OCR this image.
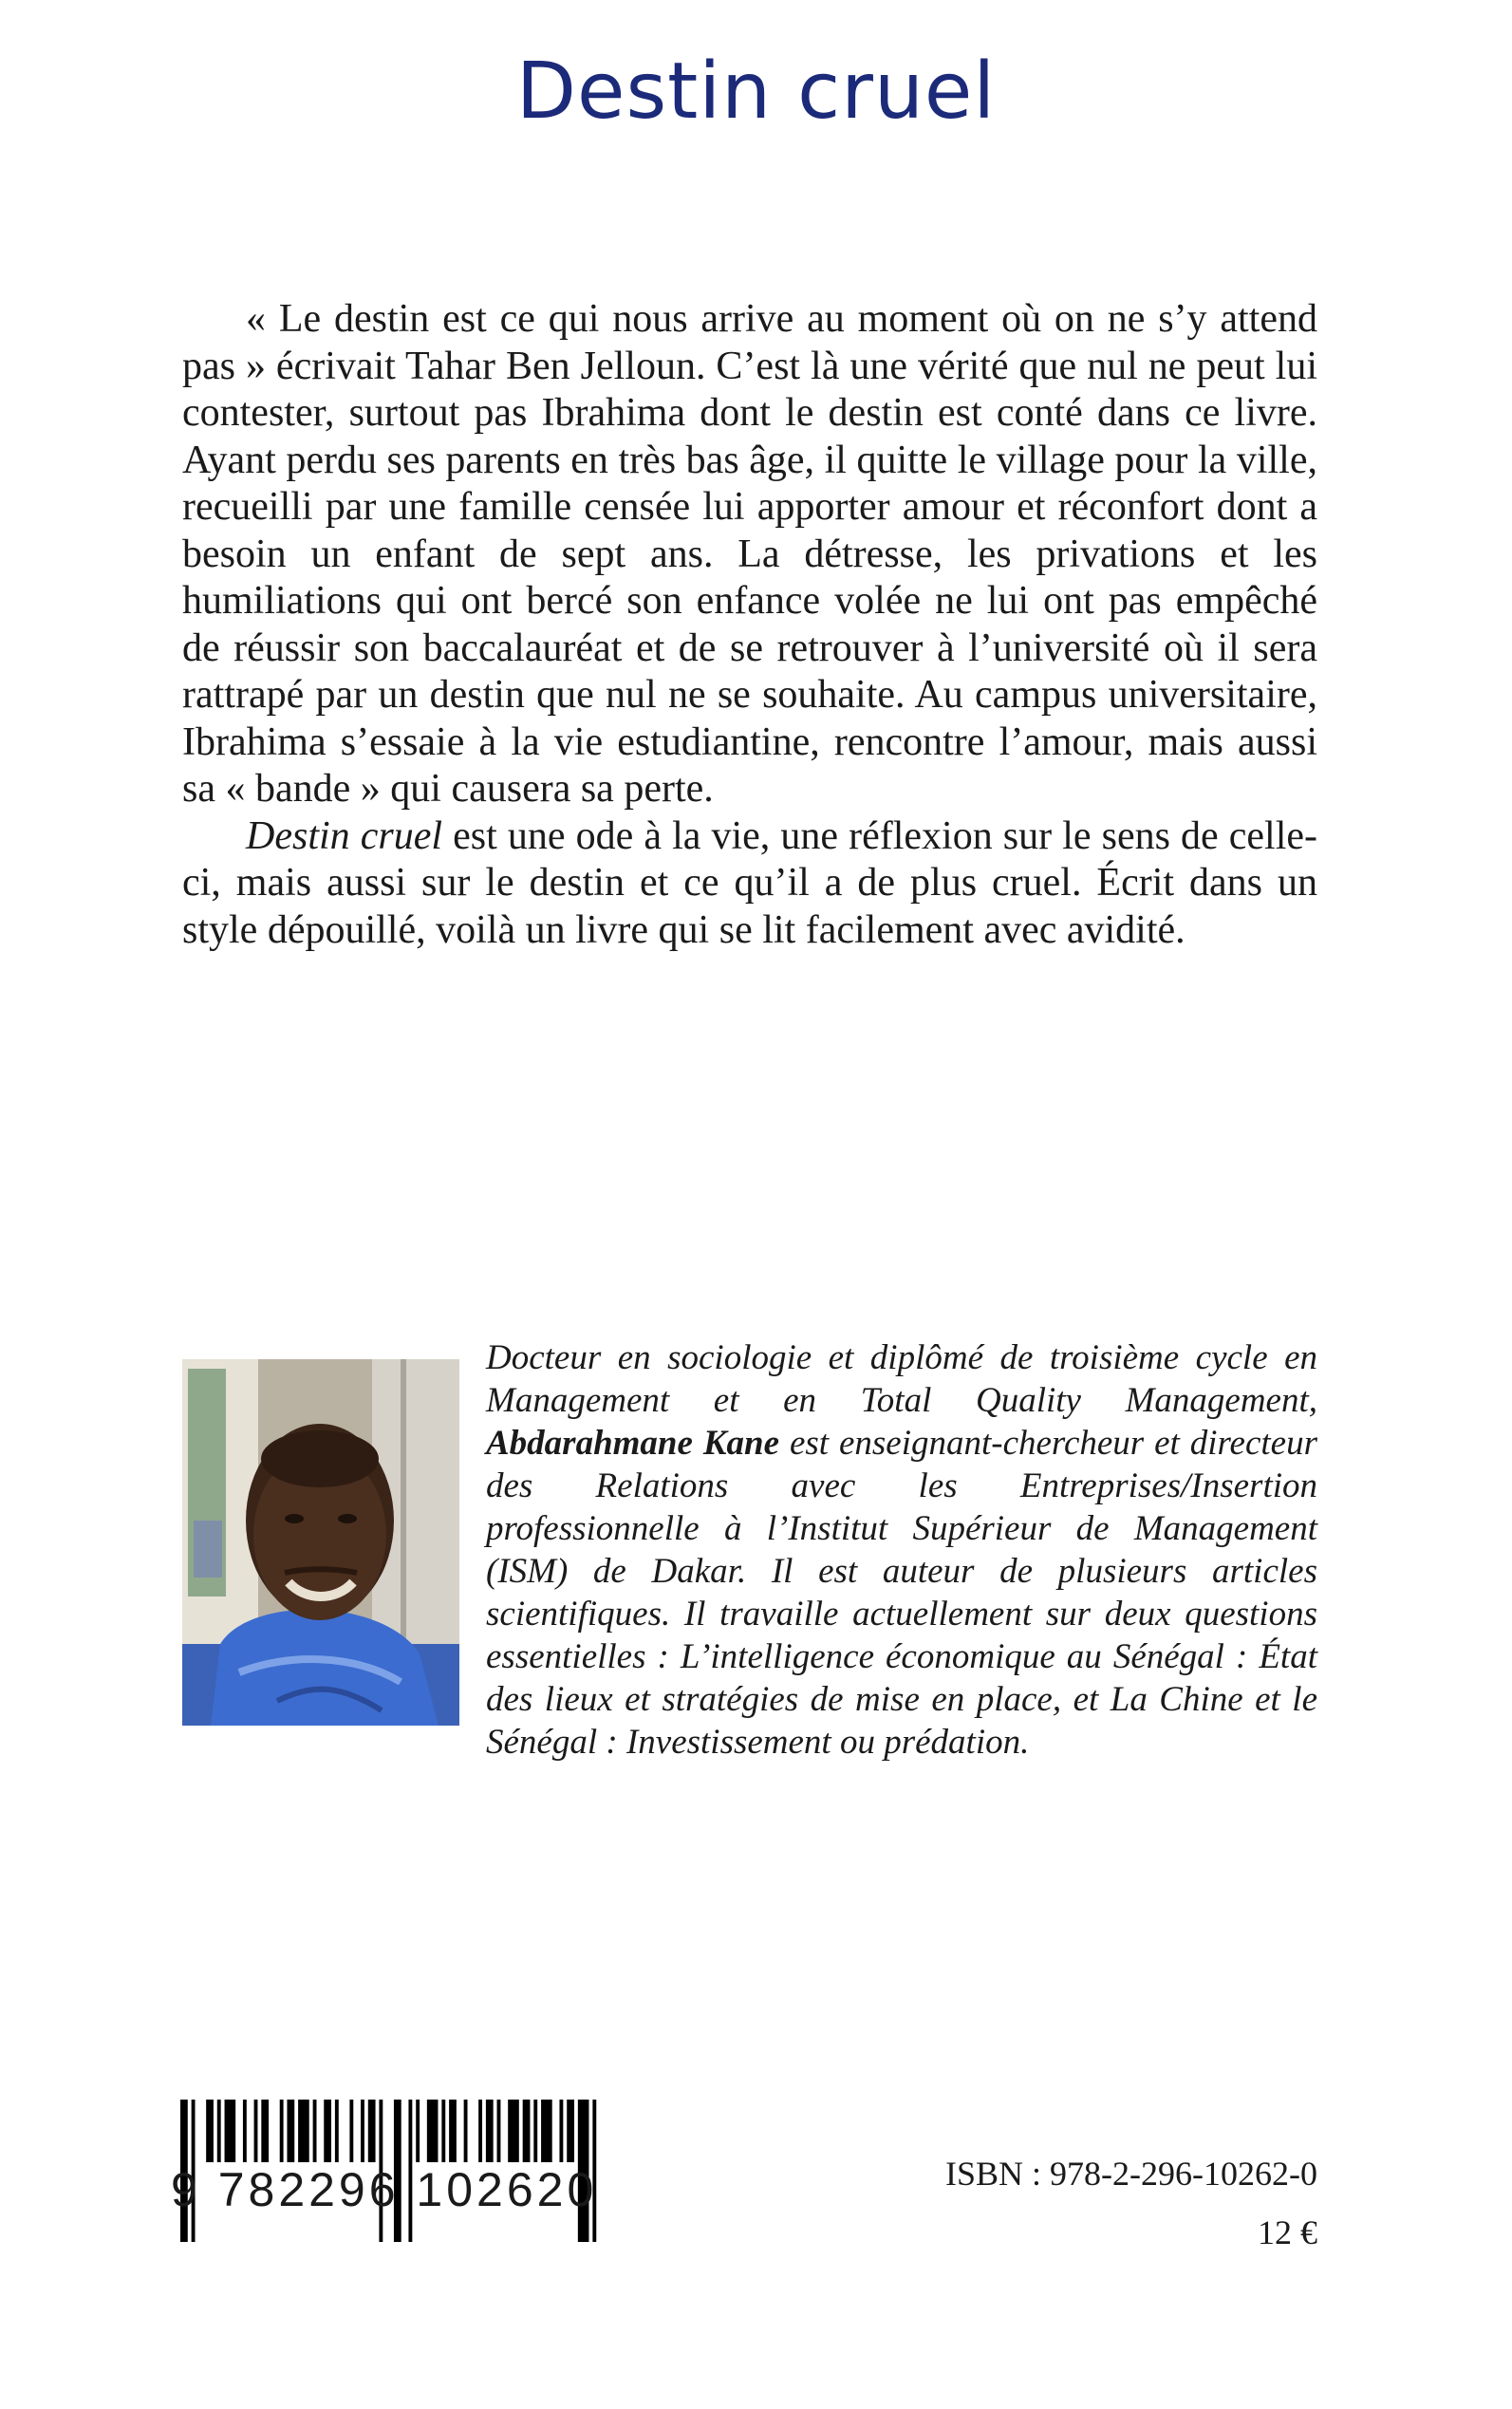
Destin cruel

« Le destin est ce qui nous arrive au moment où on ne s’y attend pas » écrivait Tahar Ben Jelloun. C’est là une vérité que nul ne peut lui contester, surtout pas Ibrahima dont le destin est conté dans ce livre. Ayant perdu ses parents en très bas âge, il quitte le village pour la ville, recueilli par une famille censée lui apporter amour et réconfort dont a besoin un enfant de sept ans. La détresse, les privations et les humiliations qui ont bercé son enfance volée ne lui ont pas empêché de réussir son baccalauréat et de se retrouver à l’université où il sera rattrapé par un destin que nul ne se souhaite. Au campus universitaire, Ibrahima s’essaie à la vie estudiantine, rencontre l’amour, mais aussi sa « bande » qui causera sa perte.

Destin cruel est une ode à la vie, une réflexion sur le sens de celle-ci, mais aussi sur le destin et ce qu’il a de plus cruel. Écrit dans un style dépouillé, voilà un livre qui se lit facilement avec avidité.

Docteur en sociologie et diplômé de troisième cycle en Management et en Total Quality Management, Abdarahmane Kane est enseignant-chercheur et directeur des Relations avec les Entreprises/Insertion professionnelle à l’Institut Supérieur de Management (ISM) de Dakar. Il est auteur de plusieurs articles scientifiques. Il travaille actuellement sur deux questions essentielles : L’intelligence économique au Sénégal : État des lieux et stratégies de mise en place, et La Chine et le Sénégal : Investissement ou prédation.

9 782296 102620	ISBN : 978-2-296-10262-0
12 €
